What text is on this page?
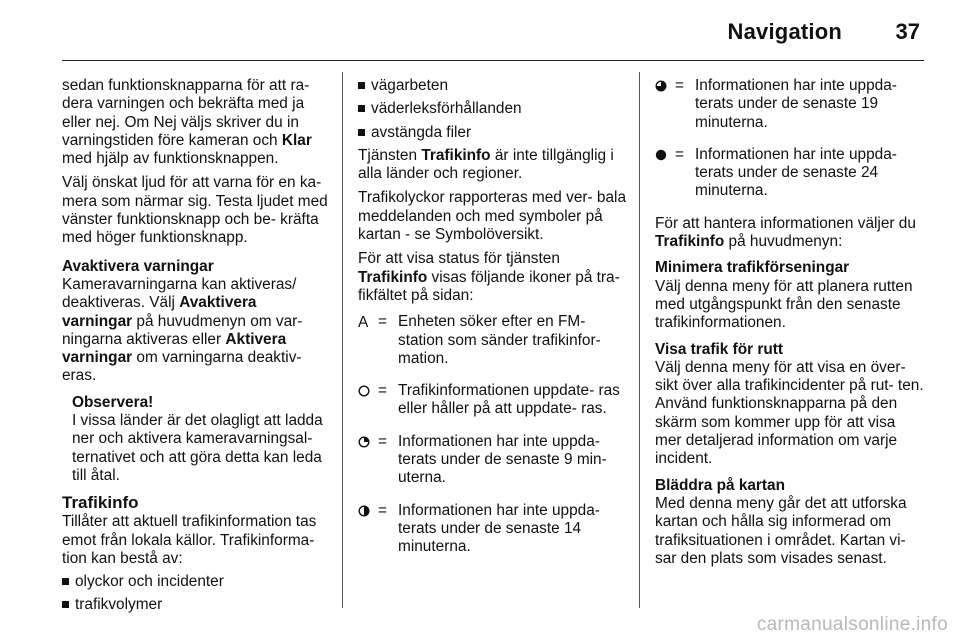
Navigation 37

sedan funktionsknapparna för att ra- dera varningen och bekräfta med ja eller nej. Om Nej väljs skriver du in varningstiden före kameran och Klar med hjälp av funktionsknappen.

Välj önskat ljud för att varna för en ka- mera som närmar sig. Testa ljudet med vänster funktionsknapp och be- kräfta med höger funktionsknapp.

Avaktivera varningar

Kameravarningarna kan aktiveras/ deaktiveras. Välj Avaktivera varningar på huvudmenyn om var- ningarna aktiveras eller Aktivera varningar om varningarna deaktiv- eras.

Observera!
I vissa länder är det olagligt att ladda ner och aktivera kameravarningsal- ternativet och att göra detta kan leda till åtal.
Trafikinfo

Tillåter att aktuell trafikinformation tas emot från lokala källor. Trafikinforma- tion kan bestå av:

olyckor och incidenter
trafikvolymer
vägarbeten
väderleksförhållanden
avstängda filer

Tjänsten Trafikinfo är inte tillgänglig i alla länder och regioner.

Trafikolyckor rapporteras med ver- bala meddelanden och med symboler på kartan - se Symbolöversikt.

För att visa status för tjänsten Trafikinfo visas följande ikoner på tra- fikfältet på sidan:

A = Enheten söker efter en FM- station som sänder trafikinfor- mation.
= Trafikinformationen uppdate- ras eller håller på att uppdate- ras.
= Informationen har inte uppda- terats under de senaste 9 min- uterna.
= Informationen har inte uppda- terats under de senaste 14 minuterna.
= Informationen har inte uppda- terats under de senaste 19 minuterna.
= Informationen har inte uppda- terats under de senaste 24 minuterna.

För att hantera informationen väljer du Trafikinfo på huvudmenyn:

Minimera trafikförseningar

Välj denna meny för att planera rutten med utgångspunkt från den senaste trafikinformationen.

Visa trafik för rutt

Välj denna meny för att visa en över- sikt över alla trafikincidenter på rut- ten. Använd funktionsknapparna på den skärm som kommer upp för att visa mer detaljerad information om varje incident.

Bläddra på kartan

Med denna meny går det att utforska kartan och hålla sig informerad om trafiksituationen i området. Kartan vi- sar den plats som visades senast.

carmanualsonline.info
